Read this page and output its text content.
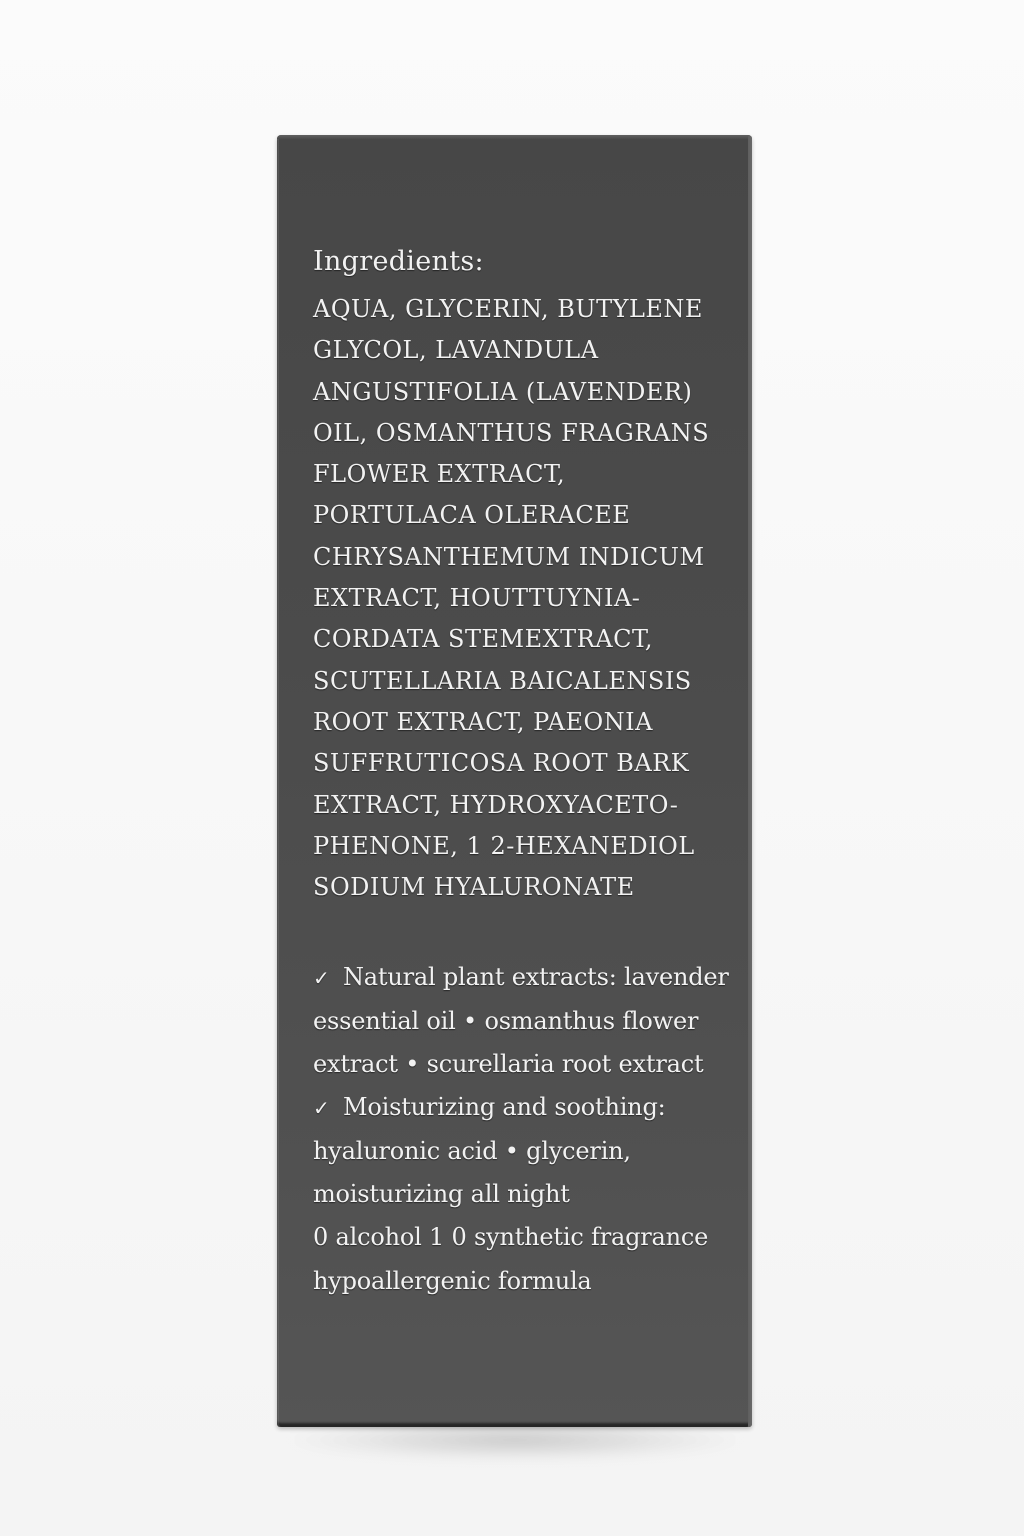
Ingredients:
AQUA, GLYCERIN, BUTYLENE
GLYCOL, LAVANDULA
ANGUSTIFOLIA (LAVENDER)
OIL, OSMANTHUS FRAGRANS
FLOWER EXTRACT,
PORTULACA OLERACEE
CHRYSANTHEMUM INDICUM
EXTRACT, HOUTTUYNIA-
CORDATA STEMEXTRACT,
SCUTELLARIA BAICALENSIS
ROOT EXTRACT, PAEONIA
SUFFRUTICOSA ROOT BARK
EXTRACT, HYDROXYACETO-
PHENONE, 1 2-HEXANEDIOL
SODIUM HYALURONATE
✓ Natural plant extracts: lavender
essential oil • osmanthus flower
extract • scurellaria root extract
✓ Moisturizing and soothing:
hyaluronic acid • glycerin,
moisturizing all night
0 alcohol 1 0 synthetic fragrance
hypoallergenic formula
